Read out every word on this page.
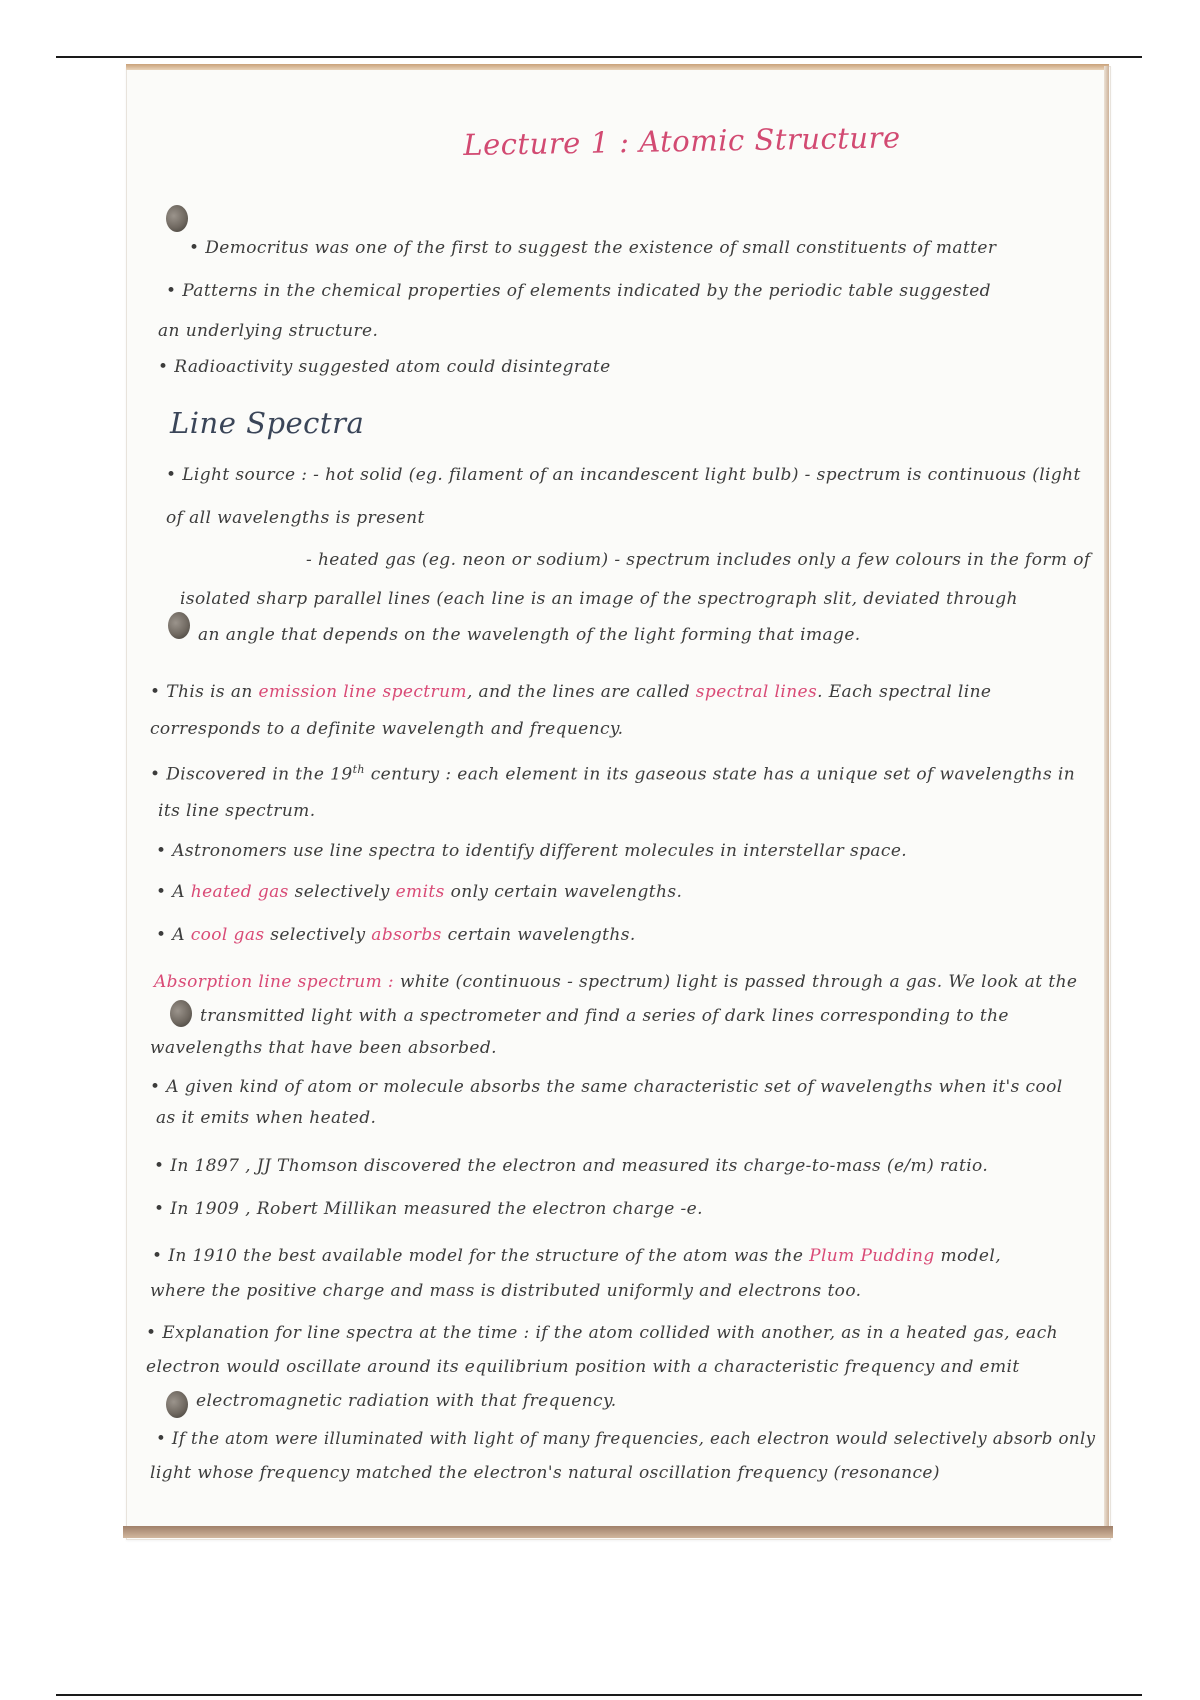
Lecture 1 : Atomic Structure

• Democritus was one of the first to suggest the existence of small constituents of matter

• Patterns in the chemical properties of elements indicated by the periodic table suggested

an underlying structure.

• Radioactivity suggested atom could disintegrate

Line Spectra

• Light source : - hot solid (eg. filament of an incandescent light bulb) - spectrum is continuous (light

of all wavelengths is present

- heated gas (eg. neon or sodium) - spectrum includes only a few colours in the form of

isolated sharp parallel lines (each line is an image of the spectrograph slit, deviated through

an angle that depends on the wavelength of the light forming that image.

• This is an emission line spectrum, and the lines are called spectral lines. Each spectral line

corresponds to a definite wavelength and frequency.

• Discovered in the 19th century : each element in its gaseous state has a unique set of wavelengths in

its line spectrum.

• Astronomers use line spectra to identify different molecules in interstellar space.

• A heated gas selectively emits only certain wavelengths.

• A cool gas selectively absorbs certain wavelengths.

Absorption line spectrum : white (continuous - spectrum) light is passed through a gas. We look at the

transmitted light with a spectrometer and find a series of dark lines corresponding to the

wavelengths that have been absorbed.

• A given kind of atom or molecule absorbs the same characteristic set of wavelengths when it's cool

as it emits when heated.

• In 1897 , JJ Thomson discovered the electron and measured its charge-to-mass (e/m) ratio.

• In 1909 , Robert Millikan measured the electron charge -e.

• In 1910 the best available model for the structure of the atom was the Plum Pudding model,

where the positive charge and mass is distributed uniformly and electrons too.

• Explanation for line spectra at the time : if the atom collided with another, as in a heated gas, each

electron would oscillate around its equilibrium position with a characteristic frequency and emit

electromagnetic radiation with that frequency.

• If the atom were illuminated with light of many frequencies, each electron would selectively absorb only

light whose frequency matched the electron's natural oscillation frequency (resonance)
